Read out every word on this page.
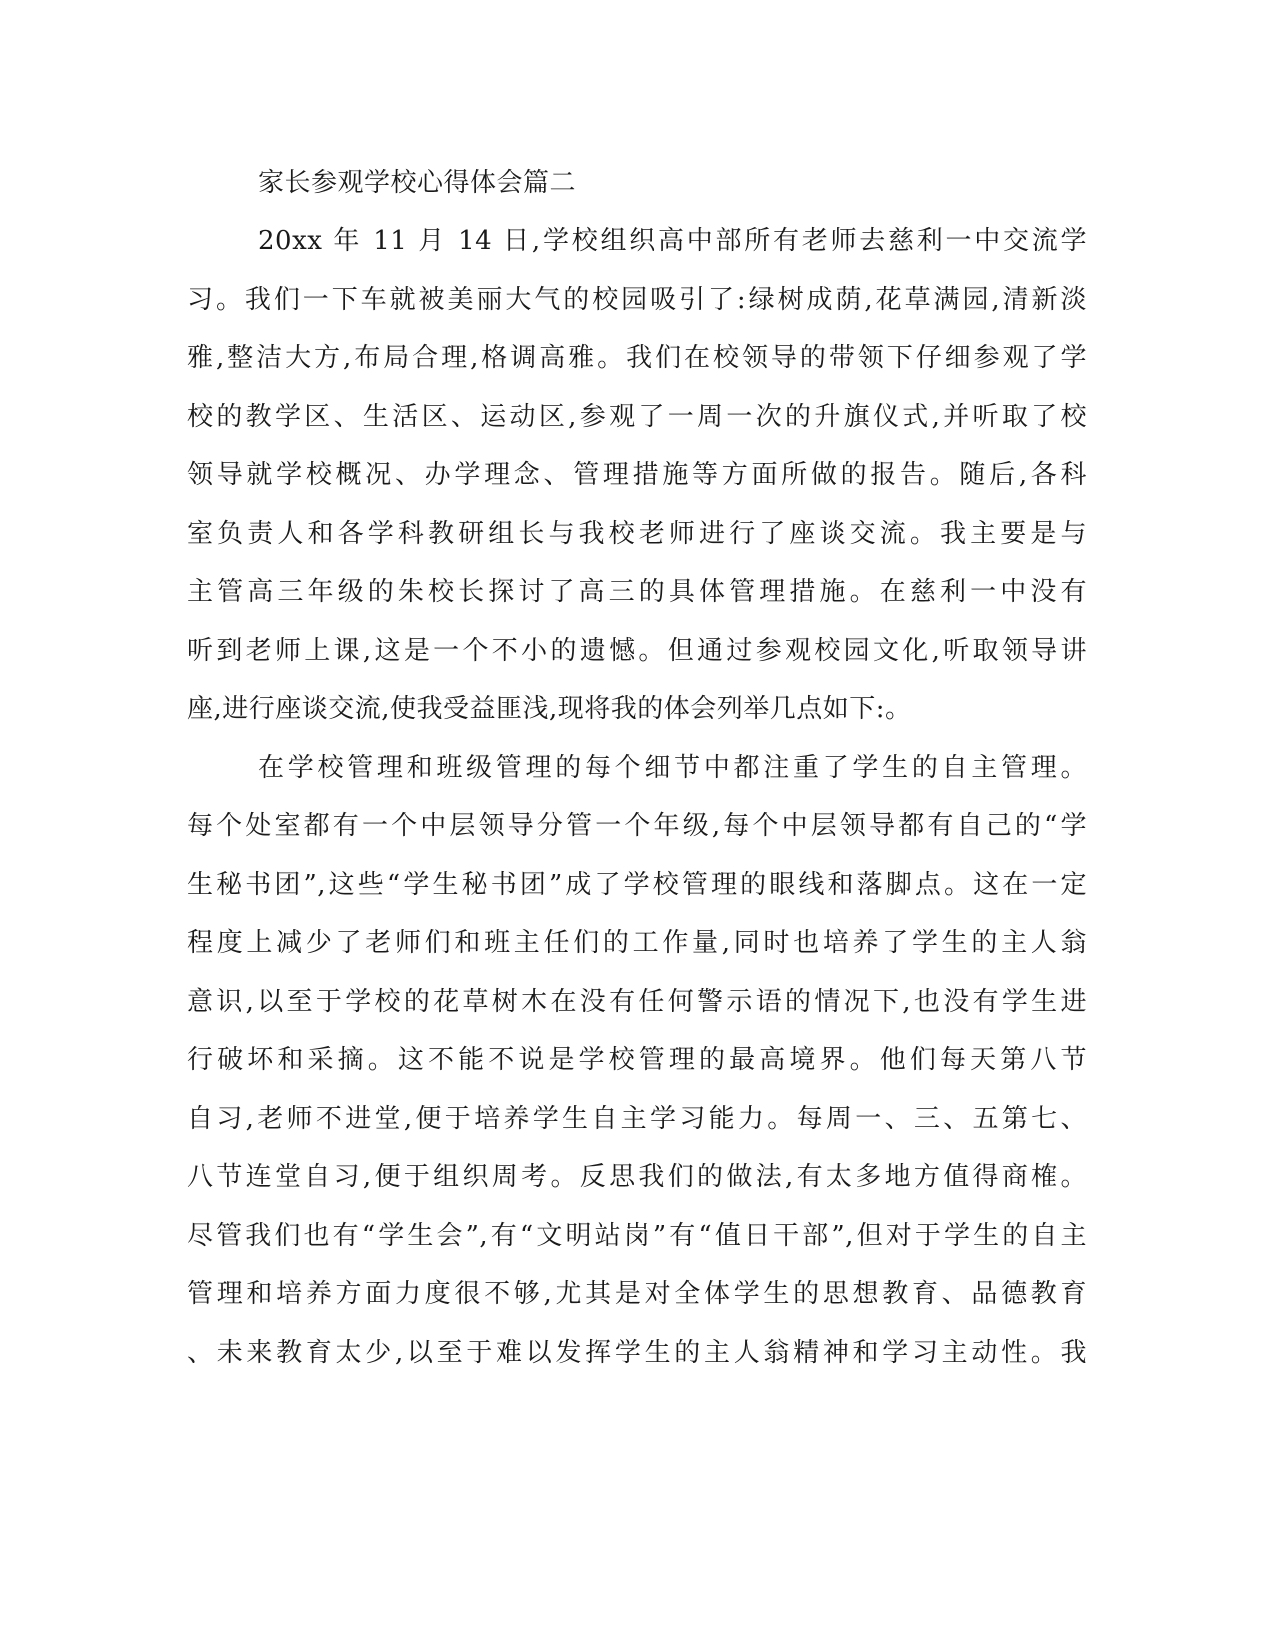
家长参观学校心得体会篇二
20xx 年 11 月 14 日,学校组织高中部所有老师去慈利一中交流学
习。我们一下车就被美丽大气的校园吸引了:绿树成荫,花草满园,清新淡
雅,整洁大方,布局合理,格调高雅。我们在校领导的带领下仔细参观了学
校的教学区、生活区、运动区,参观了一周一次的升旗仪式,并听取了校
领导就学校概况、办学理念、管理措施等方面所做的报告。随后,各科
室负责人和各学科教研组长与我校老师进行了座谈交流。我主要是与
主管高三年级的朱校长探讨了高三的具体管理措施。在慈利一中没有
听到老师上课,这是一个不小的遗憾。但通过参观校园文化,听取领导讲
座,进行座谈交流,使我受益匪浅,现将我的体会列举几点如下:。
在学校管理和班级管理的每个细节中都注重了学生的自主管理。
每个处室都有一个中层领导分管一个年级,每个中层领导都有自己的“学
生秘书团”,这些“学生秘书团”成了学校管理的眼线和落脚点。这在一定
程度上减少了老师们和班主任们的工作量,同时也培养了学生的主人翁
意识,以至于学校的花草树木在没有任何警示语的情况下,也没有学生进
行破坏和采摘。这不能不说是学校管理的最高境界。他们每天第八节
自习,老师不进堂,便于培养学生自主学习能力。每周一、三、五第七、
八节连堂自习,便于组织周考。反思我们的做法,有太多地方值得商榷。
尽管我们也有“学生会”,有“文明站岗”有“值日干部”,但对于学生的自主
管理和培养方面力度很不够,尤其是对全体学生的思想教育、品德教育
、未来教育太少,以至于难以发挥学生的主人翁精神和学习主动性。我
